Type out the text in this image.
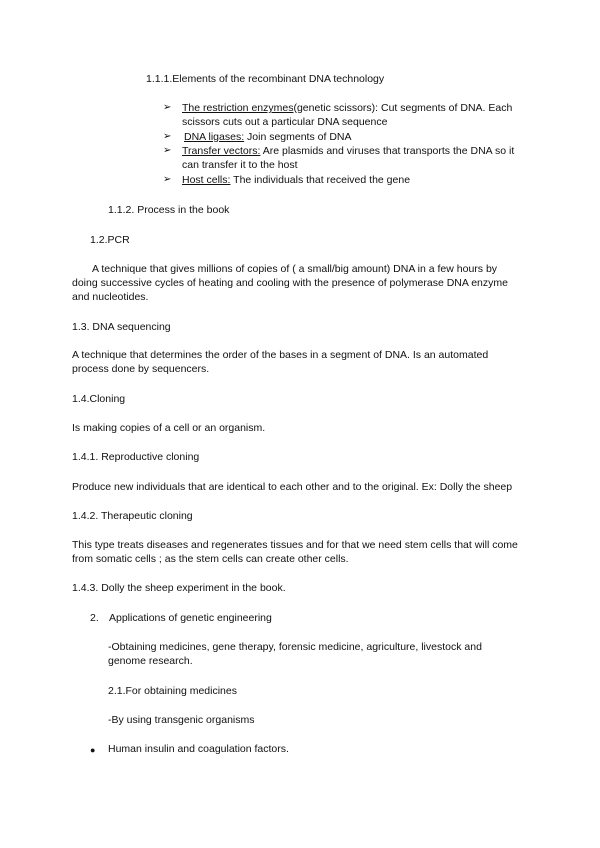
1.1.1.Elements of the recombinant DNA technology

➢ The restriction enzymes(genetic scissors): Cut segments of DNA. Each

scissors cuts out a particular DNA sequence

➢ DNA ligases: Join segments of DNA

➢ Transfer vectors: Are plasmids and viruses that transports the DNA so it

can transfer it to the host

➢ Host cells: The individuals that received the gene

1.1.2. Process in the book

1.2.PCR

A technique that gives millions of copies of ( a small/big amount) DNA in a few hours by

doing successive cycles of heating and cooling with the presence of polymerase DNA enzyme

and nucleotides.

1.3. DNA sequencing

A technique that determines the order of the bases in a segment of DNA. Is an automated

process done by sequencers.

1.4.Cloning

Is making copies of a cell or an organism.

1.4.1. Reproductive cloning

Produce new individuals that are identical to each other and to the original. Ex: Dolly the sheep

1.4.2. Therapeutic cloning

This type treats diseases and regenerates tissues and for that we need stem cells that will come

from somatic cells ; as the stem cells can create other cells.

1.4.3. Dolly the sheep experiment in the book.

2. Applications of genetic engineering

-Obtaining medicines, gene therapy, forensic medicine, agriculture, livestock and

genome research.

2.1.For obtaining medicines

-By using transgenic organisms

● Human insulin and coagulation factors.
